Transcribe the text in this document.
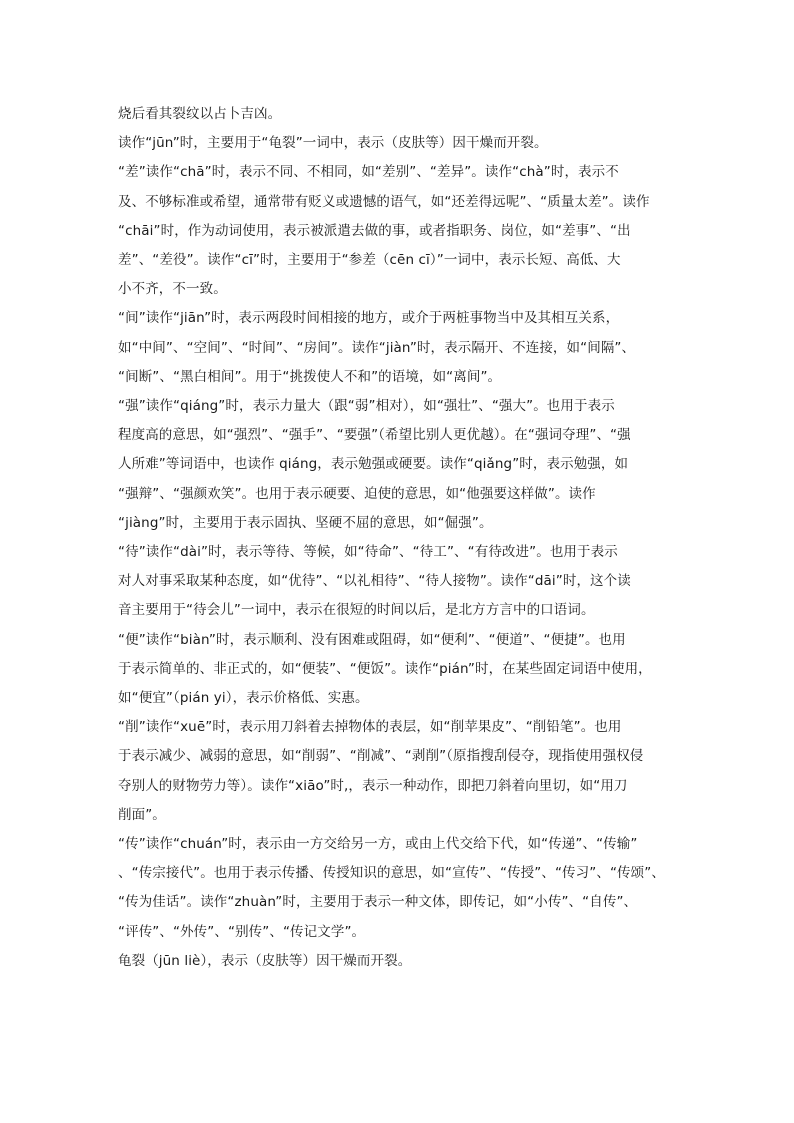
烧后看其裂纹以占卜吉凶。
读作“jūn”时，主要用于“龟裂”一词中，表示（皮肤等）因干燥而开裂。
“差”读作“chā”时，表示不同、不相同，如“差别”、“差异”。读作“chà”时，表示不
及、不够标准或希望，通常带有贬义或遗憾的语气，如“还差得远呢”、“质量太差”。读作
“chāi”时，作为动词使用，表示被派遣去做的事，或者指职务、岗位，如“差事”、“出
差”、“差役”。读作“cī”时，主要用于“参差（cēn cī）”一词中，表示长短、高低、大
小不齐，不一致。
“间”读作“jiān”时，表示两段时间相接的地方，或介于两桩事物当中及其相互关系，
如“中间”、“空间”、“时间”、“房间”。读作“jiàn”时，表示隔开、不连接，如“间隔”、
“间断”、“黑白相间”。用于“挑拨使人不和”的语境，如“离间”。
“强”读作“qiáng”时，表示力量大（跟“弱”相对），如“强壮”、“强大”。也用于表示
程度高的意思，如“强烈”、“强手”、“要强”（希望比别人更优越）。在“强词夺理”、“强
人所难”等词语中，也读作 qiáng，表示勉强或硬要。读作“qiǎng”时，表示勉强，如
“强辩”、“强颜欢笑”。也用于表示硬要、迫使的意思，如“他强要这样做”。读作
“jiàng”时，主要用于表示固执、坚硬不屈的意思，如“倔强”。
“待”读作“dài”时，表示等待、等候，如“待命”、“待工”、“有待改进”。也用于表示
对人对事采取某种态度，如“优待”、“以礼相待”、“待人接物”。读作“dāi”时，这个读
音主要用于“待会儿”一词中，表示在很短的时间以后，是北方方言中的口语词。
“便”读作“biàn”时，表示顺利、没有困难或阻碍，如“便利”、“便道”、“便捷”。也用
于表示简单的、非正式的，如“便装”、“便饭”。读作“pián”时，在某些固定词语中使用，
如“便宜”（pián yi），表示价格低、实惠。
“削”读作“xuē”时，表示用刀斜着去掉物体的表层，如“削苹果皮”、“削铅笔”。也用
于表示减少、减弱的意思，如“削弱”、“削减”、“剥削”（原指搜刮侵夺，现指使用强权侵
夺别人的财物劳力等）。读作“xiāo”时,，表示一种动作，即把刀斜着向里切，如“用刀
削面”。
“传”读作“chuán”时，表示由一方交给另一方，或由上代交给下代，如“传递”、“传输”
、“传宗接代”。也用于表示传播、传授知识的意思，如“宣传”、“传授”、“传习”、“传颂”、
“传为佳话”。读作“zhuàn”时，主要用于表示一种文体，即传记，如“小传”、“自传”、
“评传”、“外传”、“别传”、“传记文学”。
龟裂（jūn liè），表示（皮肤等）因干燥而开裂。
